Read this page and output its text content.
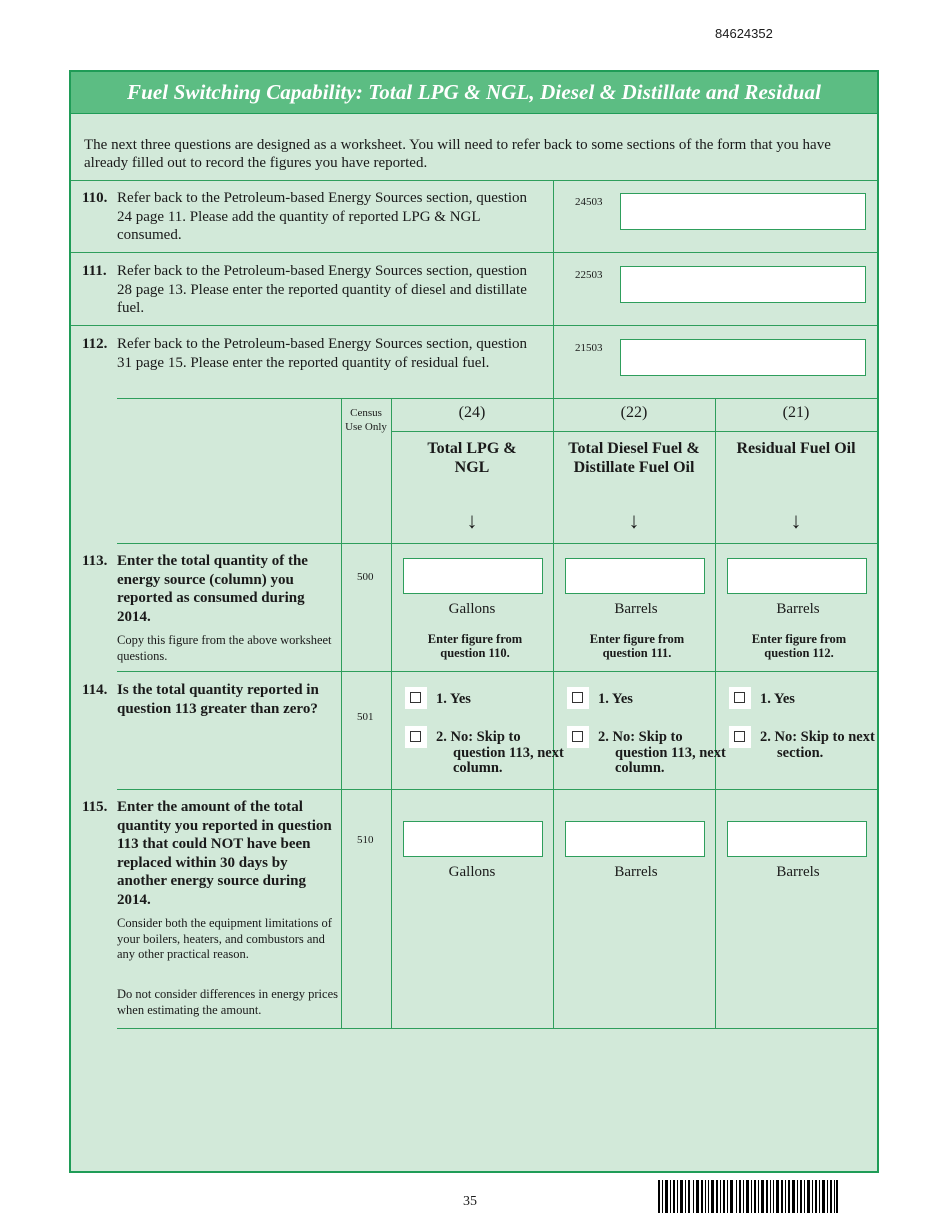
84624352
Fuel Switching Capability: Total LPG & NGL, Diesel & Distillate and Residual
The next three questions are designed as a worksheet. You will need to refer back to some sections of the form that you have already filled out to record the figures you have reported.
110. Refer back to the Petroleum-based Energy Sources section, question 24 page 11. Please add the quantity of reported LPG & NGL consumed.
24503
111. Refer back to the Petroleum-based Energy Sources section, question 28 page 13. Please enter the reported quantity of diesel and distillate fuel.
22503
112. Refer back to the Petroleum-based Energy Sources section, question 31 page 15. Please enter the reported quantity of residual fuel.
21503
Census Use Only
(24)	(22)	(21)
Total LPG & NGL
Total Diesel Fuel & Distillate Fuel Oil
Residual Fuel Oil
↓	↓	↓
113. Enter the total quantity of the energy source (column) you reported as consumed during 2014.
Copy this figure from the above worksheet questions.
500
Gallons	Barrels	Barrels
Enter figure from question 110.
Enter figure from question 111.
Enter figure from question 112.
114. Is the total quantity reported in question 113 greater than zero?
501
1. Yes
2. No: Skip to question 113, next column.
1. Yes
2. No: Skip to question 113, next column.
1. Yes
2. No: Skip to next section.
115. Enter the amount of the total quantity you reported in question 113 that could NOT have been replaced within 30 days by another energy source during 2014.
Consider both the equipment limitations of your boilers, heaters, and combustors and any other practical reason.
Do not consider differences in energy prices when estimating the amount.
510
Gallons	Barrels	Barrels
35
